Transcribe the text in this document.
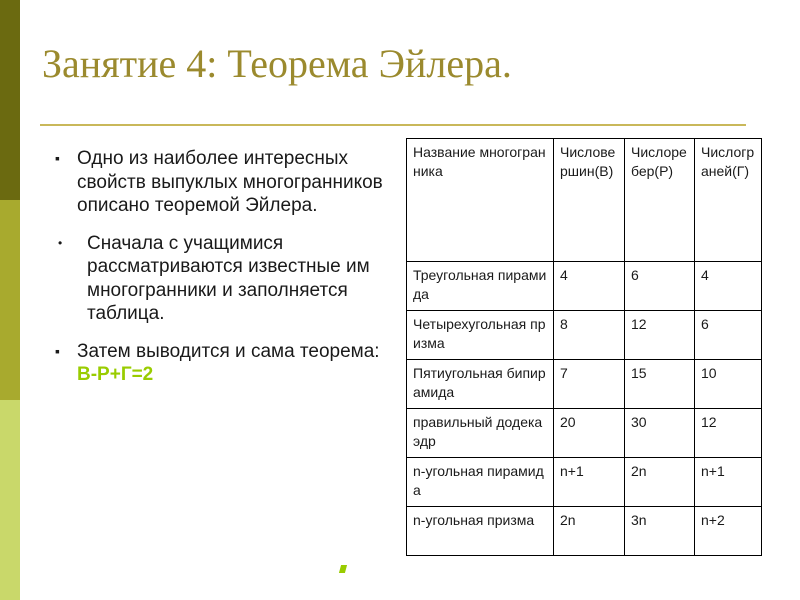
Занятие 4: Теорема Эйлера.
▪ Одно из наиболее интересных свойств выпуклых многогранников описано теоремой Эйлера.
• Сначала с учащимися рассматриваются известные им многогранники и заполняется таблица.
▪ Затем выводится и сама теорема: В-Р+Г=2
Название многогранника	Числовершин(В)	Числоребер(Р)	Числограней(Г)
Треугольная пирамида	4	6	4
Четырехугольная призма	8	12	6
Пятиугольная бипирамида	7	15	10
правильный додекаэдр	20	30	12
n-угольная пирамида	n+1	2n	n+1
n-угольная призма	2n	3n	n+2
